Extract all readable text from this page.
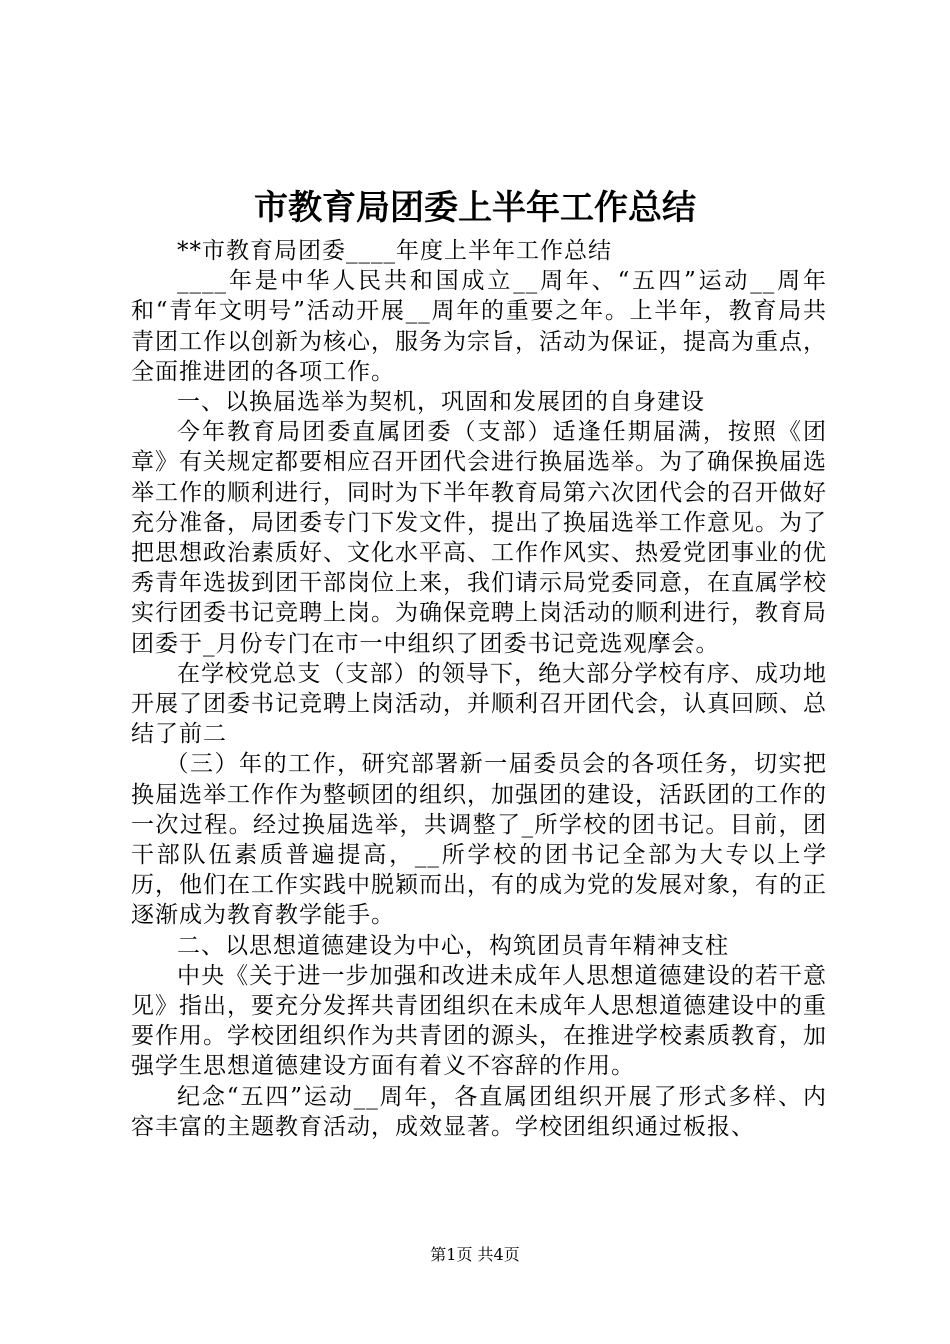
市教育局团委上半年工作总结

**市教育局团委____年度上半年工作总结

____年是中华人民共和国成立__周年、“五四”运动__周年和“青年文明号”活动开展__周年的重要之年。上半年，教育局共青团工作以创新为核心，服务为宗旨，活动为保证，提高为重点，全面推进团的各项工作。

一、以换届选举为契机，巩固和发展团的自身建设

今年教育局团委直属团委（支部）适逢任期届满，按照《团章》有关规定都要相应召开团代会进行换届选举。为了确保换届选举工作的顺利进行，同时为下半年教育局第六次团代会的召开做好充分准备，局团委专门下发文件，提出了换届选举工作意见。为了把思想政治素质好、文化水平高、工作作风实、热爱党团事业的优秀青年选拔到团干部岗位上来，我们请示局党委同意，在直属学校实行团委书记竞聘上岗。为确保竞聘上岗活动的顺利进行，教育局团委于_月份专门在市一中组织了团委书记竞选观摩会。

在学校党总支（支部）的领导下，绝大部分学校有序、成功地开展了团委书记竞聘上岗活动，并顺利召开团代会，认真回顾、总结了前二

（三）年的工作，研究部署新一届委员会的各项任务，切实把换届选举工作作为整顿团的组织，加强团的建设，活跃团的工作的一次过程。经过换届选举，共调整了_所学校的团书记。目前，团干部队伍素质普遍提高，__所学校的团书记全部为大专以上学历，他们在工作实践中脱颖而出，有的成为党的发展对象，有的正逐渐成为教育教学能手。

二、以思想道德建设为中心，构筑团员青年精神支柱

中央《关于进一步加强和改进未成年人思想道德建设的若干意见》指出，要充分发挥共青团组织在未成年人思想道德建设中的重要作用。学校团组织作为共青团的源头，在推进学校素质教育，加强学生思想道德建设方面有着义不容辞的作用。

纪念“五四”运动__周年，各直属团组织开展了形式多样、内容丰富的主题教育活动，成效显著。学校团组织通过板报、

第1页 共4页
